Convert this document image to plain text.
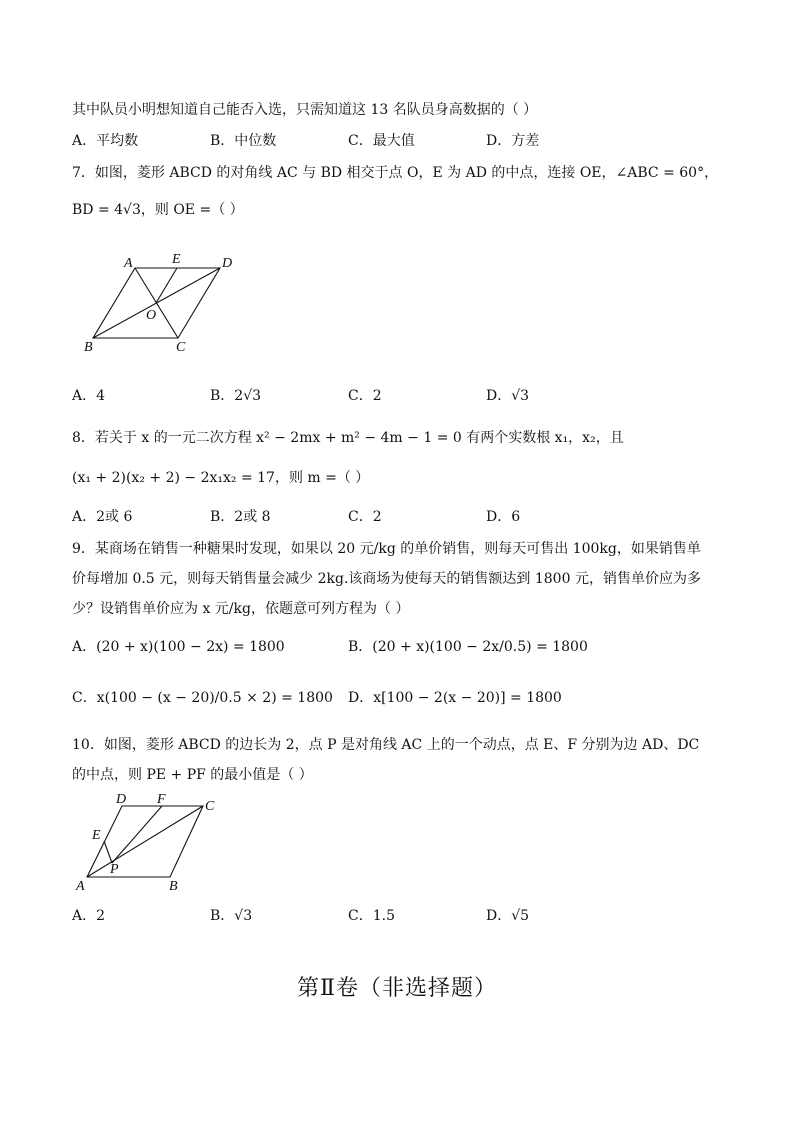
其中队员小明想知道自己能否入选，只需知道这 13 名队员身高数据的（ ）
A．平均数	B．中位数	C．最大值	D．方差
7．如图，菱形 ABCD 的对角线 AC 与 BD 相交于点 O，E 为 AD 的中点，连接 OE，∠ABC = 60°，
BD = 4√3，则 OE =（ ）
A	E	D
O
B	C
A．4	B．2√3	C．2	D．√3
8．若关于 x 的一元二次方程 x² − 2mx + m² − 4m − 1 = 0 有两个实数根 x₁，x₂，且
(x₁ + 2)(x₂ + 2) − 2x₁x₂ = 17，则 m =（ ）
A．2或 6	B．2或 8	C．2	D．6
9．某商场在销售一种糖果时发现，如果以 20 元/kg 的单价销售，则每天可售出 100kg，如果销售单
价每增加 0.5 元，则每天销售量会减少 2kg.该商场为使每天的销售额达到 1800 元，销售单价应为多
少？设销售单价应为 x 元/kg，依题意可列方程为（ ）
A．(20 + x)(100 − 2x) = 1800	B．(20 + x)(100 − 2x/0.5) = 1800
C．x(100 − (x − 20)/0.5 × 2) = 1800 D．x[100 − 2(x − 20)] = 1800
10．如图，菱形 ABCD 的边长为 2，点 P 是对角线 AC 上的一个动点，点 E、F 分别为边 AD、DC
的中点，则 PE + PF 的最小值是（ ）
D F	C
E
P
A	B
A．2	B．√3	C．1.5	D．√5
第Ⅱ卷（非选择题）
